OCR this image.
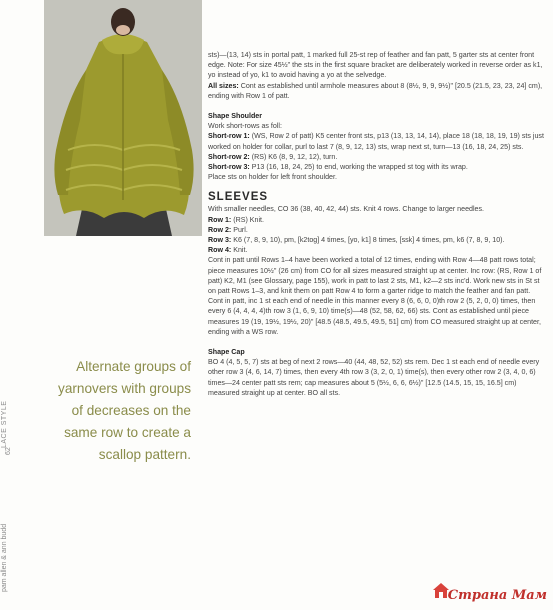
LACE STYLE
pam allen & ann budd
62
Alternate groups of yarnovers with groups of decreases on the same row to create a scallop pattern.

sts)—(13, 14) sts in portal patt, 1 marked full 25-st rep of feather and fan patt, 5 garter sts at center front edge. Note: For size 45½" the sts in the first square bracket are deliberately worked in reverse order as k1, yo instead of yo, k1 to avoid having a yo at the selvedge.

All sizes: Cont as established until armhole measures about 8 (8½, 9, 9, 9½)" [20.5 (21.5, 23, 23, 24] cm), ending with Row 1 of patt.

Shape Shoulder

Work short-rows as foll:

Short-row 1: (WS, Row 2 of patt) K5 center front sts, p13 (13, 13, 14, 14), place 18 (18, 18, 19, 19) sts just worked on holder for collar, purl to last 7 (8, 9, 12, 13) sts, wrap next st, turn—13 (16, 18, 24, 25) sts.

Short-row 2: (RS) K6 (8, 9, 12, 12), turn.

Short-row 3: P13 (16, 18, 24, 25) to end, working the wrapped st tog with its wrap.

Place sts on holder for left front shoulder.

SLEEVES

With smaller needles, CO 36 (38, 40, 42, 44) sts. Knit 4 rows. Change to larger needles.

Row 1: (RS) Knit.

Row 2: Purl.

Row 3: K6 (7, 8, 9, 10), pm, [k2tog] 4 times, [yo, k1] 8 times, [ssk] 4 times, pm, k6 (7, 8, 9, 10).

Row 4: Knit.

Cont in patt until Rows 1–4 have been worked a total of 12 times, ending with Row 4—48 patt rows total; piece measures 10½" (26 cm) from CO for all sizes measured straight up at center. Inc row: (RS, Row 1 of patt) K2, M1 (see Glossary, page 155), work in patt to last 2 sts, M1, k2—2 sts inc'd. Work new sts in St st on patt Rows 1–3, and knit them on patt Row 4 to form a garter ridge to match the feather and fan patt. Cont in patt, inc 1 st each end of needle in this manner every 8 (6, 6, 0, 0)th row 2 (5, 2, 0, 0) times, then every 6 (4, 4, 4, 4)th row 3 (1, 6, 9, 10) time(s)—48 (52, 58, 62, 66) sts. Cont as established until piece measures 19 (19, 19½, 19½, 20)" [48.5 (48.5, 49.5, 49.5, 51] cm) from CO measured straight up at center, ending with a WS row.

Shape Cap

BO 4 (4, 5, 5, 7) sts at beg of next 2 rows—40 (44, 48, 52, 52) sts rem. Dec 1 st each end of needle every other row 3 (4, 6, 14, 7) times, then every 4th row 3 (3, 2, 0, 1) time(s), then every other row 2 (3, 4, 0, 6) times—24 center patt sts rem; cap measures about 5 (5½, 6, 6, 6½)" [12.5 (14.5, 15, 15, 16.5] cm) measured straight up at center. BO all sts.

Страна Мам
